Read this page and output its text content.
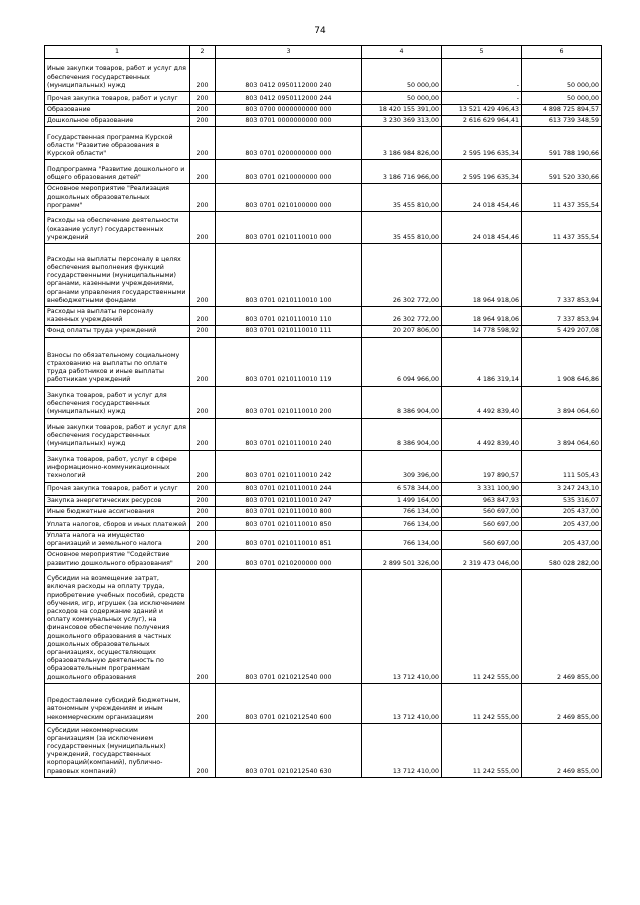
74
1	2	3	4	5	6
Иные закупки товаров, работ и услуг для обеспечения государственных (муниципальных) нужд	200	803 0412 0950112000 240	50 000,00	-	50 000,00
Прочая закупка товаров, работ и услуг	200	803 0412 0950112000 244	50 000,00	-	50 000,00
Образование	200	803 0700 0000000000 000	18 420 155 391,00	13 521 429 496,43	4 898 725 894,57
Дошкольное образование	200	803 0701 0000000000 000	3 230 369 313,00	2 616 629 964,41	613 739 348,59
Государственная программа Курской области "Развитие образования в Курской области"	200	803 0701 0200000000 000	3 186 984 826,00	2 595 196 635,34	591 788 190,66
Подпрограмма "Развитие дошкольного и общего образования детей"	200	803 0701 0210000000 000	3 186 716 966,00	2 595 196 635,34	591 520 330,66
Основное мероприятие "Реализация дошкольных образовательных программ"	200	803 0701 0210100000 000	35 455 810,00	24 018 454,46	11 437 355,54
Расходы на обеспечение деятельности (оказание услуг) государственных учреждений	200	803 0701 0210110010 000	35 455 810,00	24 018 454,46	11 437 355,54
Расходы на выплаты персоналу в целях обеспечения выполнения функций государственными (муниципальными) органами, казенными учреждениями, органами управления государственными внебюджетными фондами	200	803 0701 0210110010 100	26 302 772,00	18 964 918,06	7 337 853,94
Расходы на выплаты персоналу казенных учреждений	200	803 0701 0210110010 110	26 302 772,00	18 964 918,06	7 337 853,94
Фонд оплаты труда учреждений	200	803 0701 0210110010 111	20 207 806,00	14 778 598,92	5 429 207,08
Взносы по обязательному социальному страхованию на выплаты по оплате труда работников и иные выплаты работникам учреждений	200	803 0701 0210110010 119	6 094 966,00	4 186 319,14	1 908 646,86
Закупка товаров, работ и услуг для обеспечения государственных (муниципальных) нужд	200	803 0701 0210110010 200	8 386 904,00	4 492 839,40	3 894 064,60
Иные закупки товаров, работ и услуг для обеспечения государственных (муниципальных) нужд	200	803 0701 0210110010 240	8 386 904,00	4 492 839,40	3 894 064,60
Закупка товаров, работ, услуг в сфере информационно-коммуникационных технологий	200	803 0701 0210110010 242	309 396,00	197 890,57	111 505,43
Прочая закупка товаров, работ и услуг	200	803 0701 0210110010 244	6 578 344,00	3 331 100,90	3 247 243,10
Закупка энергетических ресурсов	200	803 0701 0210110010 247	1 499 164,00	963 847,93	535 316,07
Иные бюджетные ассигнования	200	803 0701 0210110010 800	766 134,00	560 697,00	205 437,00
Уплата налогов, сборов и иных платежей	200	803 0701 0210110010 850	766 134,00	560 697,00	205 437,00
Уплата налога на имущество организаций и земельного налога	200	803 0701 0210110010 851	766 134,00	560 697,00	205 437,00
Основное мероприятие "Содействие развитию дошкольного образования"	200	803 0701 0210200000 000	2 899 501 326,00	2 319 473 046,00	580 028 282,00
Субсидии на возмещение затрат, включая расходы на оплату труда, приобретение учебных пособий, средств обучения, игр, игрушек (за исключением расходов на содержание зданий и оплату коммунальных услуг), на финансовое обеспечение получения дошкольного образования в частных дошкольных образовательных организациях, осуществляющих образовательную деятельность по образовательным программам дошкольного образования	200	803 0701 0210212540 000	13 712 410,00	11 242 555,00	2 469 855,00
Предоставление субсидий бюджетным, автономным учреждениям и иным некоммерческим организациям	200	803 0701 0210212540 600	13 712 410,00	11 242 555,00	2 469 855,00
Субсидии некоммерческим организациям (за исключением государственных (муниципальных) учреждений, государственных корпораций(компаний), публично-правовых компаний)	200	803 0701 0210212540 630	13 712 410,00	11 242 555,00	2 469 855,00
